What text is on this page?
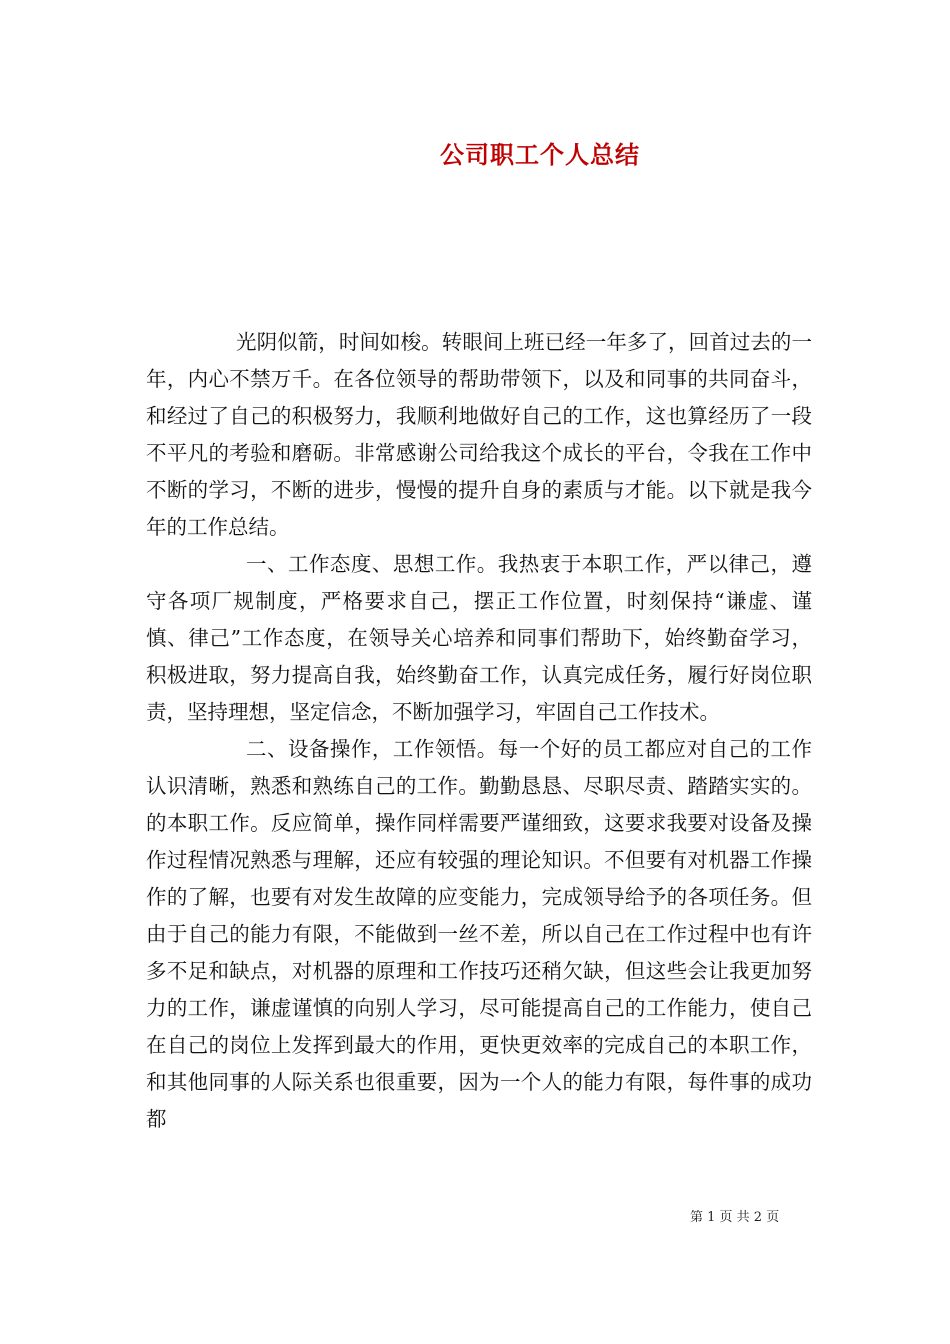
公司职工个人总结

光阴似箭，时间如梭。转眼间上班已经一年多了，回首过去的一年，内心不禁万千。在各位领导的帮助带领下，以及和同事的共同奋斗，和经过了自己的积极努力，我顺利地做好自己的工作，这也算经历了一段不平凡的考验和磨砺。非常感谢公司给我这个成长的平台，令我在工作中不断的学习，不断的进步，慢慢的提升自身的素质与才能。以下就是我今年的工作总结。

一、工作态度、思想工作。我热衷于本职工作，严以律己，遵守各项厂规制度，严格要求自己，摆正工作位置，时刻保持“谦虚、谨慎、律己”工作态度，在领导关心培养和同事们帮助下，始终勤奋学习，积极进取，努力提高自我，始终勤奋工作，认真完成任务，履行好岗位职责，坚持理想，坚定信念，不断加强学习，牢固自己工作技术。

二、设备操作，工作领悟。每一个好的员工都应对自己的工作认识清晰，熟悉和熟练自己的工作。勤勤恳恳、尽职尽责、踏踏实实的。的本职工作。反应简单，操作同样需要严谨细致，这要求我要对设备及操作过程情况熟悉与理解，还应有较强的理论知识。不但要有对机器工作操作的了解，也要有对发生故障的应变能力，完成领导给予的各项任务。但由于自己的能力有限，不能做到一丝不差，所以自己在工作过程中也有许多不足和缺点，对机器的原理和工作技巧还稍欠缺，但这些会让我更加努力的工作，谦虚谨慎的向别人学习，尽可能提高自己的工作能力，使自己在自己的岗位上发挥到最大的作用，更快更效率的完成自己的本职工作，和其他同事的人际关系也很重要，因为一个人的能力有限，每件事的成功都

第 1 页 共 2 页
